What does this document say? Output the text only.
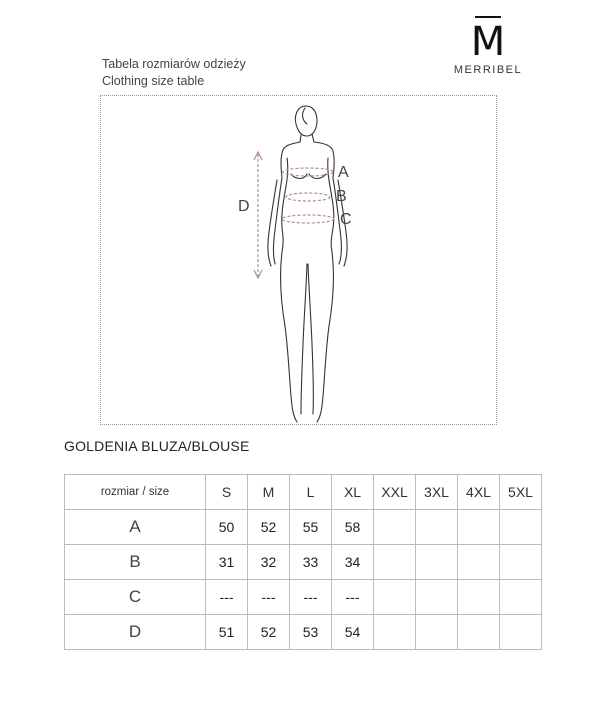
M
MERRIBEL
Tabela rozmiarów odzieży
Clothing size table
A
B
C
D
GOLDENIA BLUZA/BLOUSE
rozmiar / size	S	M	L	XL	XXL	3XL	4XL	5XL
A	50	52	55	58				
B	31	32	33	34				
C	---	---	---	---				
D	51	52	53	54				
